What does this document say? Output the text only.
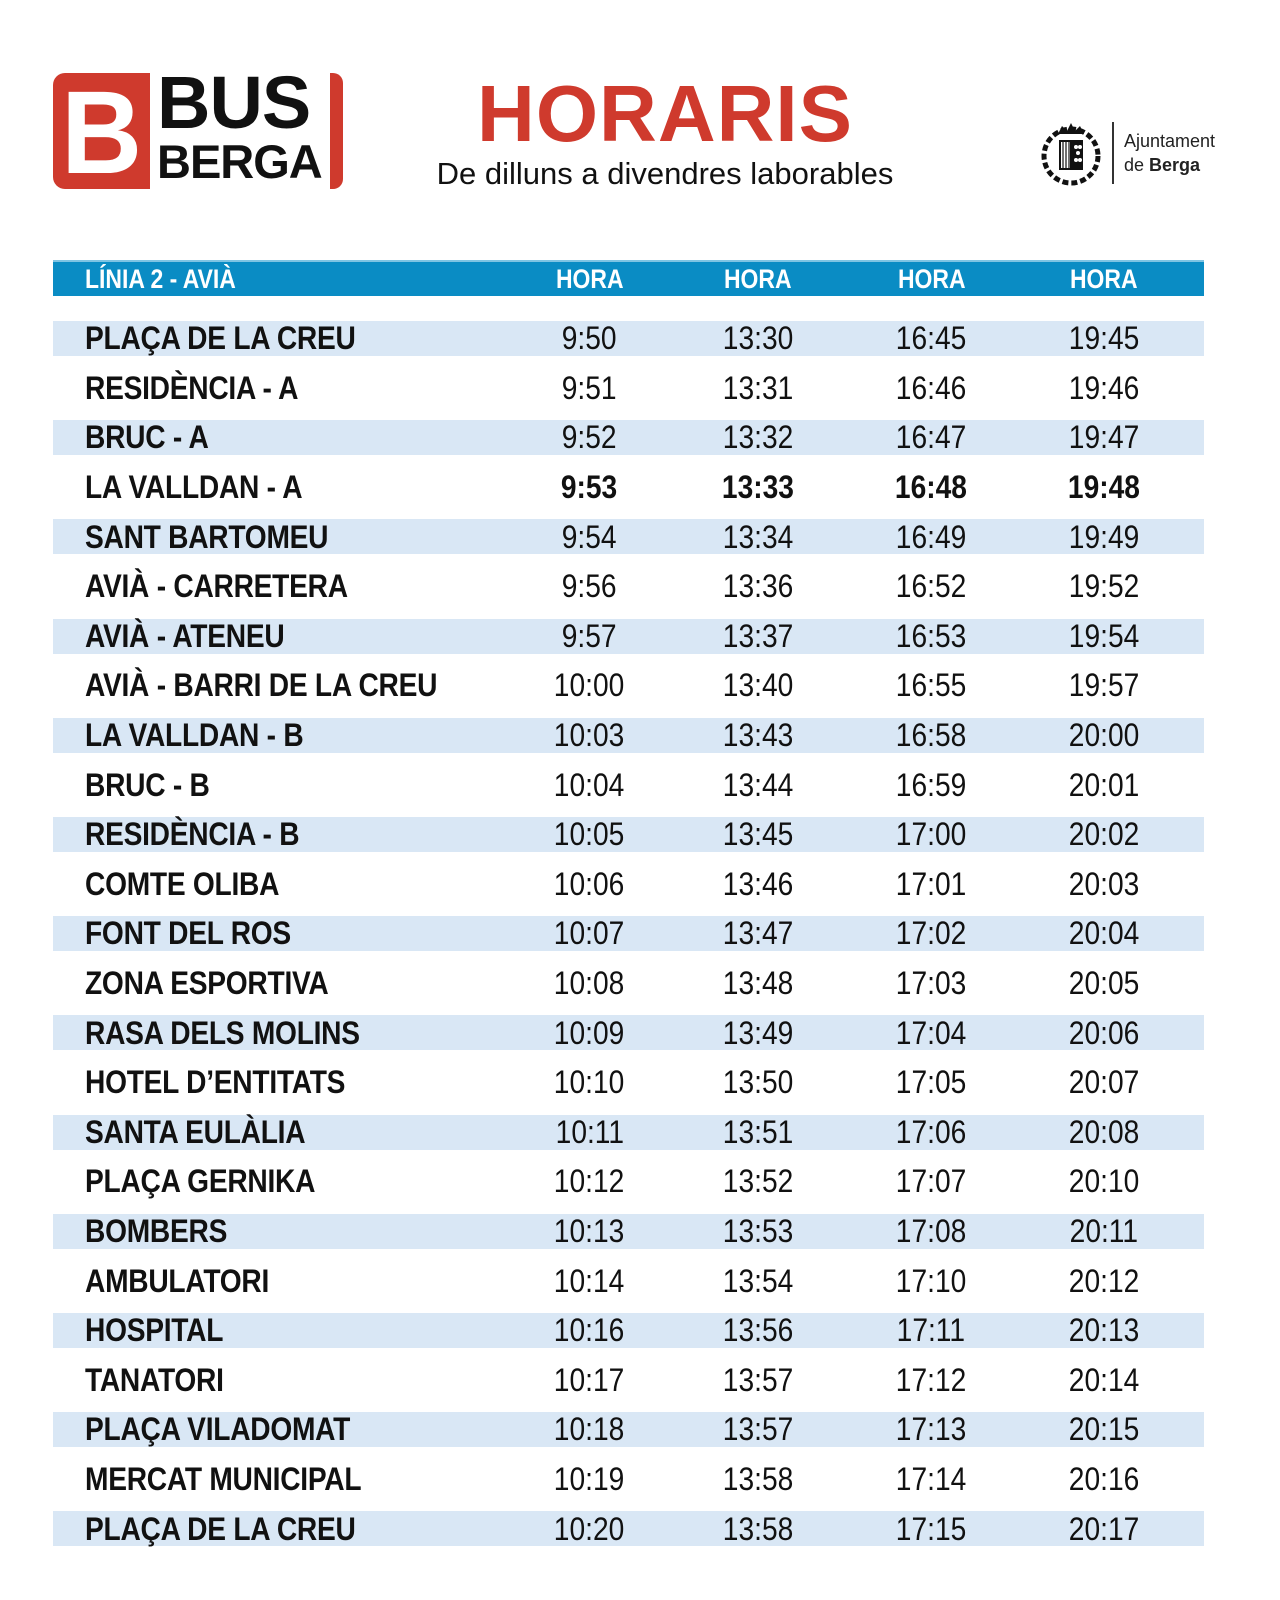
B BUS
BERGA
HORARIS
De dilluns a divendres laborables
Ajuntament
de Berga
LÍNIA 2 - AVIÀ	HORA	HORA	HORA	HORA
PLAÇA DE LA CREU	9:50	13:30	16:45	19:45
RESIDÈNCIA - A	9:51	13:31	16:46	19:46
BRUC - A	9:52	13:32	16:47	19:47
LA VALLDAN - A	9:53	13:33	16:48	19:48
SANT BARTOMEU	9:54	13:34	16:49	19:49
AVIÀ - CARRETERA	9:56	13:36	16:52	19:52
AVIÀ - ATENEU	9:57	13:37	16:53	19:54
AVIÀ - BARRI DE LA CREU	10:00	13:40	16:55	19:57
LA VALLDAN - B	10:03	13:43	16:58	20:00
BRUC - B	10:04	13:44	16:59	20:01
RESIDÈNCIA - B	10:05	13:45	17:00	20:02
COMTE OLIBA	10:06	13:46	17:01	20:03
FONT DEL ROS	10:07	13:47	17:02	20:04
ZONA ESPORTIVA	10:08	13:48	17:03	20:05
RASA DELS MOLINS	10:09	13:49	17:04	20:06
HOTEL D’ENTITATS	10:10	13:50	17:05	20:07
SANTA EULÀLIA	10:11	13:51	17:06	20:08
PLAÇA GERNIKA	10:12	13:52	17:07	20:10
BOMBERS	10:13	13:53	17:08	20:11
AMBULATORI	10:14	13:54	17:10	20:12
HOSPITAL	10:16	13:56	17:11	20:13
TANATORI	10:17	13:57	17:12	20:14
PLAÇA VILADOMAT	10:18	13:57	17:13	20:15
MERCAT MUNICIPAL	10:19	13:58	17:14	20:16
PLAÇA DE LA CREU	10:20	13:58	17:15	20:17
